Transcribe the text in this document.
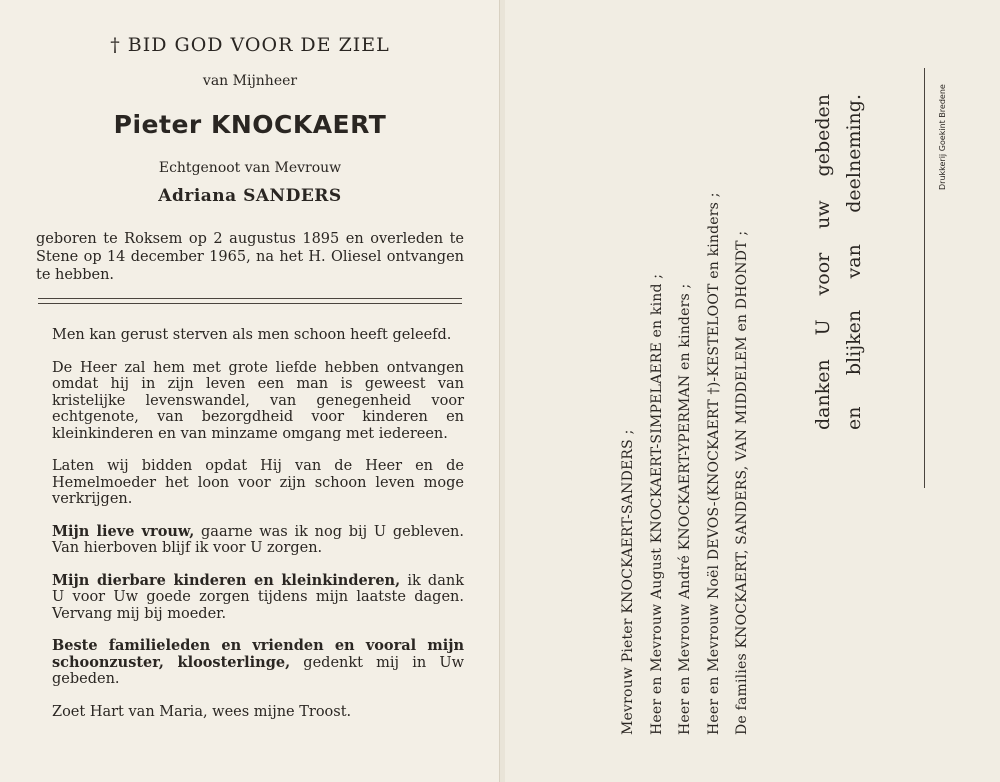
† BID GOD VOOR DE ZIEL
van Mijnheer
Pieter KNOCKAERT
Echtgenoot van Mevrouw
Adriana SANDERS
geboren te Roksem op 2 augustus 1895 en overleden te Stene op 14 december 1965, na het H. Oliesel ontvangen te hebben.

Men kan gerust sterven als men schoon heeft geleefd.

De Heer zal hem met grote liefde hebben ontvangen omdat hij in zijn leven een man is geweest van kristelijke levenswandel, van genegenheid voor echtgenote, van bezorgdheid voor kinderen en kleinkinderen en van minzame omgang met iedereen.

Laten wij bidden opdat Hij van de Heer en de Hemelmoeder het loon voor zijn schoon leven moge verkrijgen.

Mijn lieve vrouw, gaarne was ik nog bij U gebleven. Van hierboven blijf ik voor U zorgen.

Mijn dierbare kinderen en kleinkinderen, ik dank U voor Uw goede zorgen tijdens mijn laatste dagen. Vervang mij bij moeder.

Beste familieleden en vrienden en vooral mijn schoonzuster, kloosterlinge, gedenkt mij in Uw gebeden.

Zoet Hart van Maria, wees mijne Troost.	Mevrouw Pieter KNOCKAERT-SANDERS ; Heer en Mevrouw August KNOCKAERT-SIMPELAERE en kind ; Heer en Mevrouw André KNOCKAERT-YPERMAN en kinders ; Heer en Mevrouw Noël DEVOS-(KNOCKAERT †)-KESTELOOT en kinders ; De families KNOCKAERT, SANDERS, VAN MIDDELEM en DHONDT ;	danken U voor uw gebeden en blijken van deelneming.	Drukkerij Goekint Bredene
